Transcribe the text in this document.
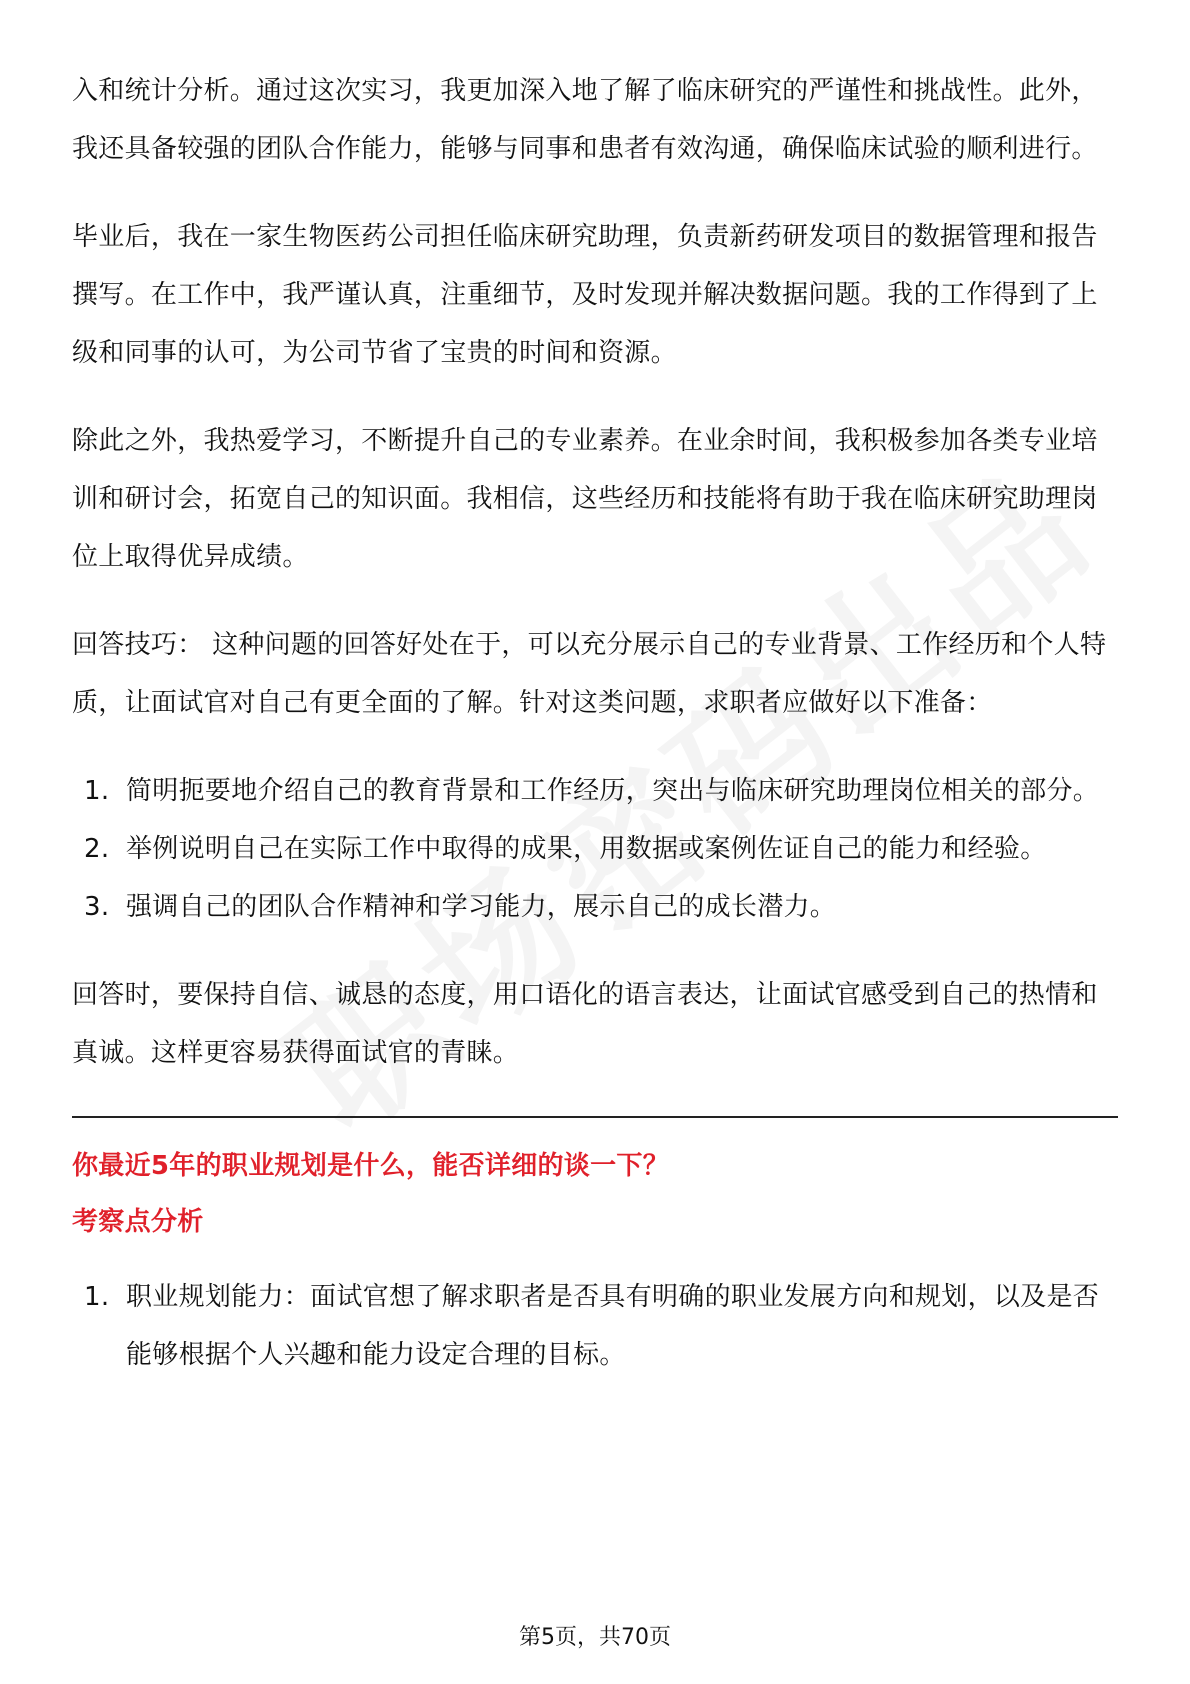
入和统计分析。通过这次实习，我更加深入地了解了临床研究的严谨性和挑战性。此外，我还具备较强的团队合作能力，能够与同事和患者有效沟通，确保临床试验的顺利进行。

毕业后，我在一家生物医药公司担任临床研究助理，负责新药研发项目的数据管理和报告撰写。在工作中，我严谨认真，注重细节，及时发现并解决数据问题。我的工作得到了上级和同事的认可，为公司节省了宝贵的时间和资源。

除此之外，我热爱学习，不断提升自己的专业素养。在业余时间，我积极参加各类专业培训和研讨会，拓宽自己的知识面。我相信，这些经历和技能将有助于我在临床研究助理岗位上取得优异成绩。

回答技巧： 这种问题的回答好处在于，可以充分展示自己的专业背景、工作经历和个人特质，让面试官对自己有更全面的了解。针对这类问题，求职者应做好以下准备：

1. 简明扼要地介绍自己的教育背景和工作经历，突出与临床研究助理岗位相关的部分。
2. 举例说明自己在实际工作中取得的成果，用数据或案例佐证自己的能力和经验。
3. 强调自己的团队合作精神和学习能力，展示自己的成长潜力。

回答时，要保持自信、诚恳的态度，用口语化的语言表达，让面试官感受到自己的热情和真诚。这样更容易获得面试官的青睐。

你最近5年的职业规划是什么，能否详细的谈一下？

考察点分析

1. 职业规划能力：面试官想了解求职者是否具有明确的职业发展方向和规划，以及是否能够根据个人兴趣和能力设定合理的目标。
第5页，共70页
